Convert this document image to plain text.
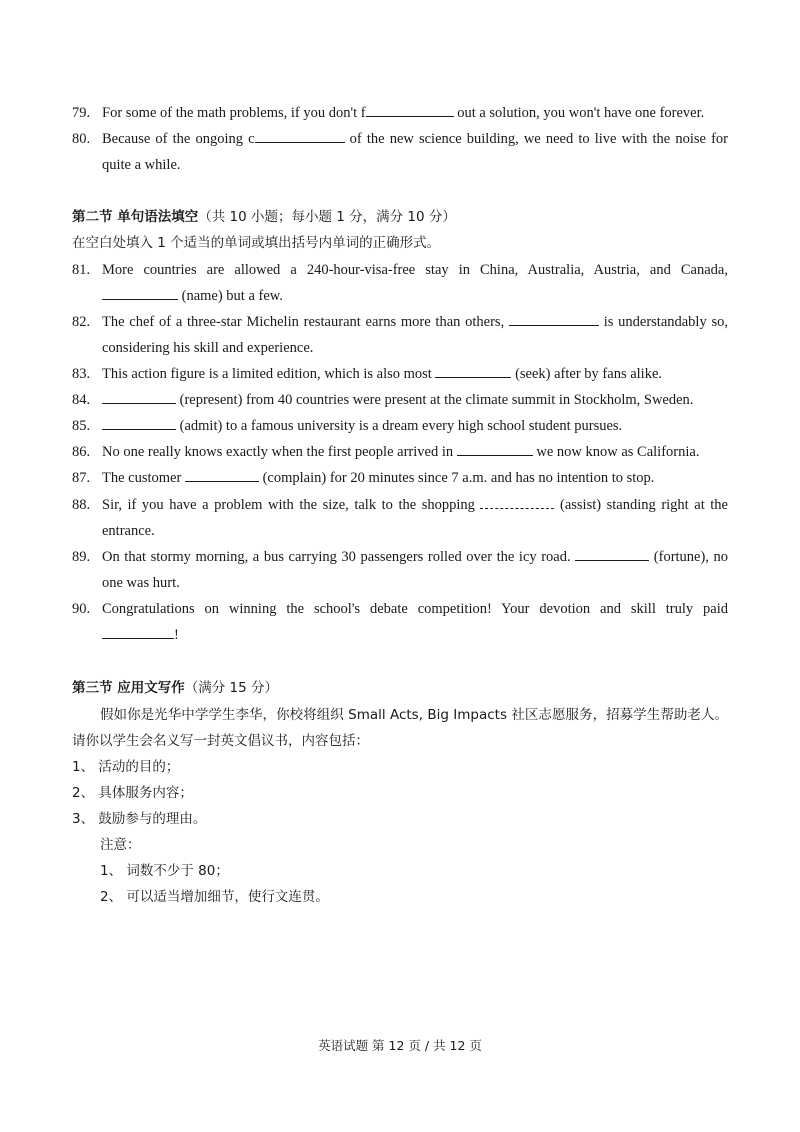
79. For some of the math problems, if you don't f	out a solution, you won't have one forever.
80. Because of the ongoing c	of the new science building, we need to live with the noise for quite a while.
第二节 单句语法填空（共 10 小题；每小题 1 分，满分 10 分）
在空白处填入 1 个适当的单词或填出括号内单词的正确形式。
81. More countries are allowed a 240-hour-visa-free stay in China, Australia, Austria, and Canada,  (name) but a few.
82. The chef of a three-star Michelin restaurant earns more than others,	is understandably so, considering his skill and experience.
83. This action figure is a limited edition, which is also most	(seek) after by fans alike.
84.	(represent) from 40 countries were present at the climate summit in Stockholm, Sweden.
85.	(admit) to a famous university is a dream every high school student pursues.
86. No one really knows exactly when the first people arrived in	we now know as California.
87. The customer	(complain) for 20 minutes since 7 a.m. and has no intention to stop.
88. Sir, if you have a problem with the size, talk to the shopping	(assist) standing right at the entrance.
89. On that stormy morning, a bus carrying 30 passengers rolled over the icy road.	(fortune), no one was hurt.
90. Congratulations on winning the school's debate competition! Your devotion and skill truly paid !
第三节 应用文写作（满分 15 分）
假如你是光华中学学生李华，你校将组织 Small Acts, Big Impacts 社区志愿服务，招募学生帮助老人。请你以学生会名义写一封英文倡议书，内容包括：
1、 活动的目的；
2、 具体服务内容；
3、 鼓励参与的理由。
注意：
1、 词数不少于 80；
2、 可以适当增加细节，使行文连贯。
英语试题 第 12 页 / 共 12 页
